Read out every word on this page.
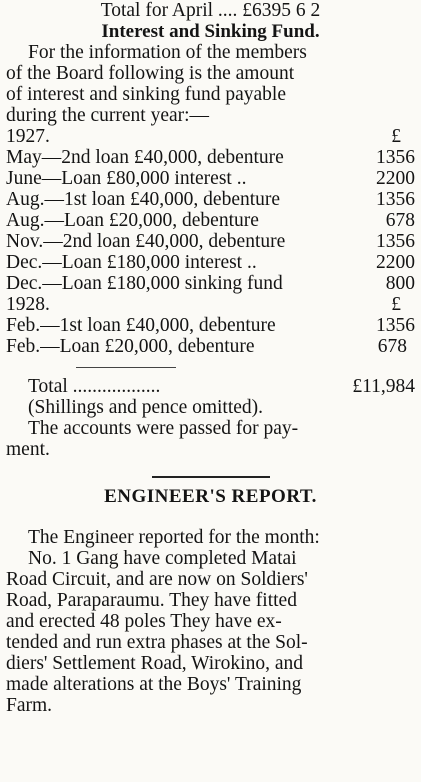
Total for April .... £6395 6 2
Interest and Sinking Fund.
For the information of the members
of the Board following is the amount
of interest and sinking fund payable
during the current year:—
1927.	£
May—2nd loan £40,000, debenture	1356
June—Loan £80,000 interest ..	2200
Aug.—1st loan £40,000, debenture	1356
Aug.—Loan £20,000, debenture	678
Nov.—2nd loan £40,000, debenture	1356
Dec.—Loan £180,000 interest ..	2200
Dec.—Loan £180,000 sinking fund	800
1928.	£
Feb.—1st loan £40,000, debenture	1356
Feb.—Loan £20,000, debenture	678
Total ..................	£11,984
(Shillings and pence omitted).
The accounts were passed for pay-
ment.
ENGINEER'S REPORT.
The Engineer reported for the month:
No. 1 Gang have completed Matai
Road Circuit, and are now on Soldiers'
Road, Paraparaumu. They have fitted
and erected 48 poles They have ex-
tended and run extra phases at the Sol-
diers' Settlement Road, Wirokino, and
made alterations at the Boys' Training
Farm.
